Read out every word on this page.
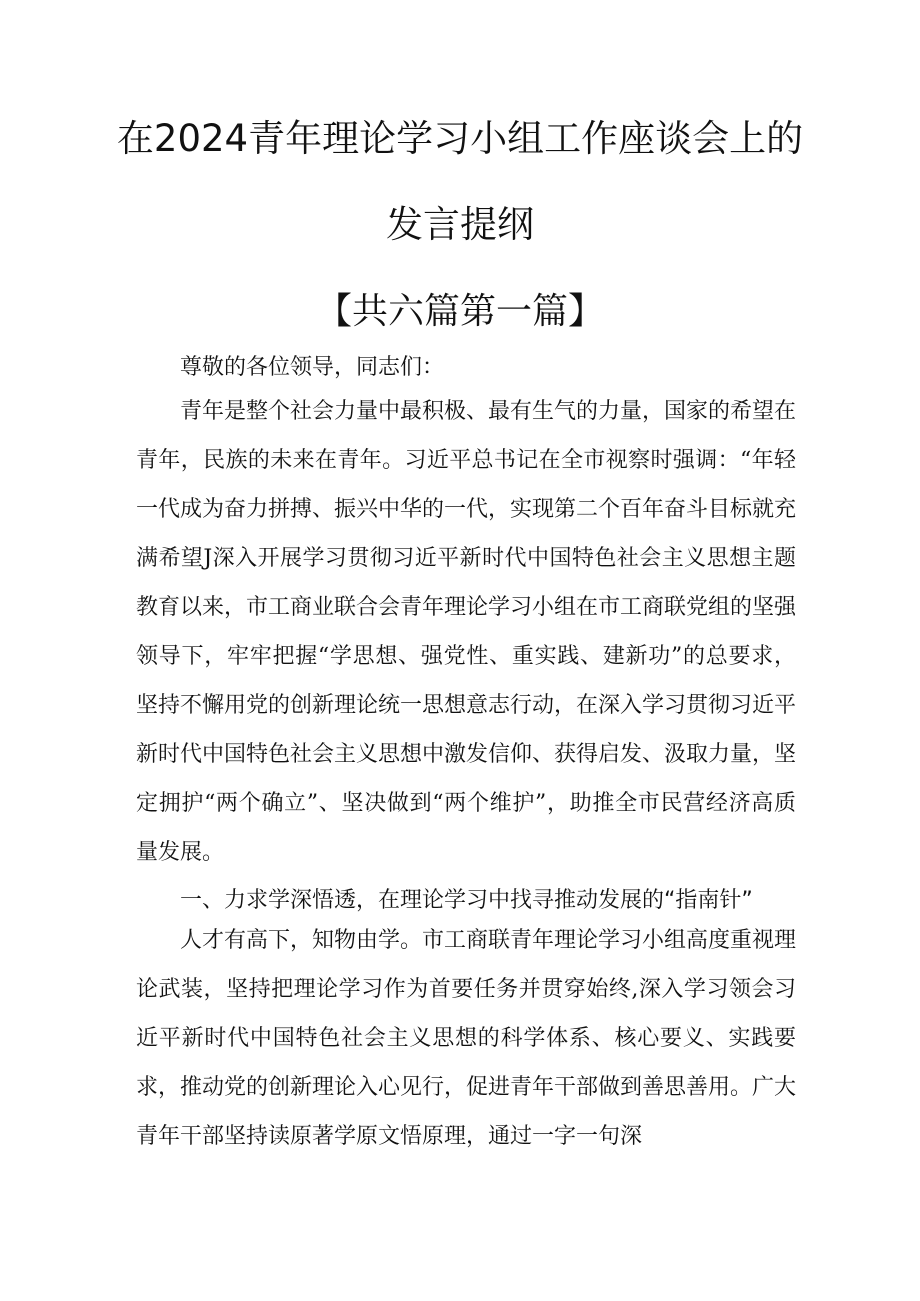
在2024青年理论学习小组工作座谈会上的
发言提纲
【共六篇第一篇】
尊敬的各位领导，同志们：

青年是整个社会力量中最积极、最有生气的力量，国家的希望在青年，民族的未来在青年。习近平总书记在全市视察时强调：“年轻一代成为奋力拼搏、振兴中华的一代，实现第二个百年奋斗目标就充满希望J深入开展学习贯彻习近平新时代中国特色社会主义思想主题教育以来，市工商业联合会青年理论学习小组在市工商联党组的坚强领导下，牢牢把握“学思想、强党性、重实践、建新功”的总要求，坚持不懈用党的创新理论统一思想意志行动，在深入学习贯彻习近平新时代中国特色社会主义思想中激发信仰、获得启发、汲取力量，坚定拥护“两个确立”、坚决做到“两个维护”，助推全市民营经济高质量发展。

一、力求学深悟透，在理论学习中找寻推动发展的“指南针”

人才有高下，知物由学。市工商联青年理论学习小组高度重视理论武装，坚持把理论学习作为首要任务并贯穿始终,深入学习领会习近平新时代中国特色社会主义思想的科学体系、核心要义、实践要求，推动党的创新理论入心见行，促进青年干部做到善思善用。广大青年干部坚持读原著学原文悟原理，通过一字一句深
